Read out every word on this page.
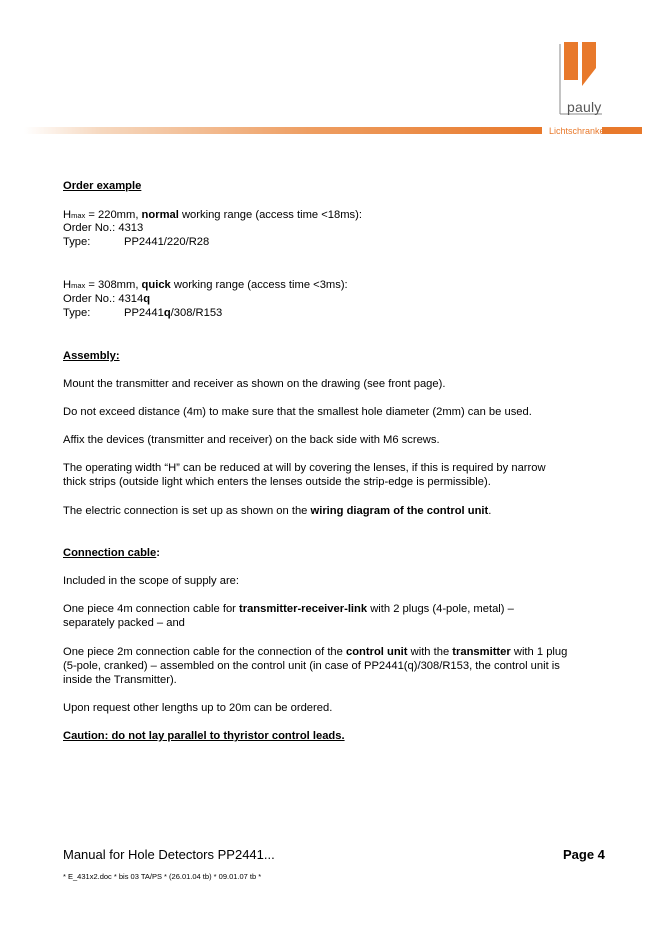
pauly
Lichtschranken
Order example
Hmax = 220mm, normal working range (access time <18ms):
Order No.: 4313
Type:	PP2441/220/R28
Hmax = 308mm, quick working range (access time <3ms):
Order No.: 4314q
Type:	PP2441q/308/R153
Assembly:
Mount the transmitter and receiver as shown on the drawing (see front page).
Do not exceed distance (4m) to make sure that the smallest hole diameter (2mm) can be used.
Affix the devices (transmitter and receiver) on the back side with M6 screws.
The operating width “H” can be reduced at will by covering the lenses, if this is required by narrow
thick strips (outside light which enters the lenses outside the strip-edge is permissible).
The electric connection is set up as shown on the wiring diagram of the control unit.
Connection cable:
Included in the scope of supply are:
One piece 4m connection cable for transmitter-receiver-link with 2 plugs (4-pole, metal) –
separately packed – and
One piece 2m connection cable for the connection of the control unit with the transmitter with 1 plug
(5-pole, cranked) – assembled on the control unit (in case of PP2441(q)/308/R153, the control unit is
inside the Transmitter).
Upon request other lengths up to 20m can be ordered.
Caution: do not lay parallel to thyristor control leads.
Manual for Hole Detectors PP2441...	Page 4
* E_431x2.doc * bis 03 TA/PS * (26.01.04 tb) * 09.01.07 tb *
